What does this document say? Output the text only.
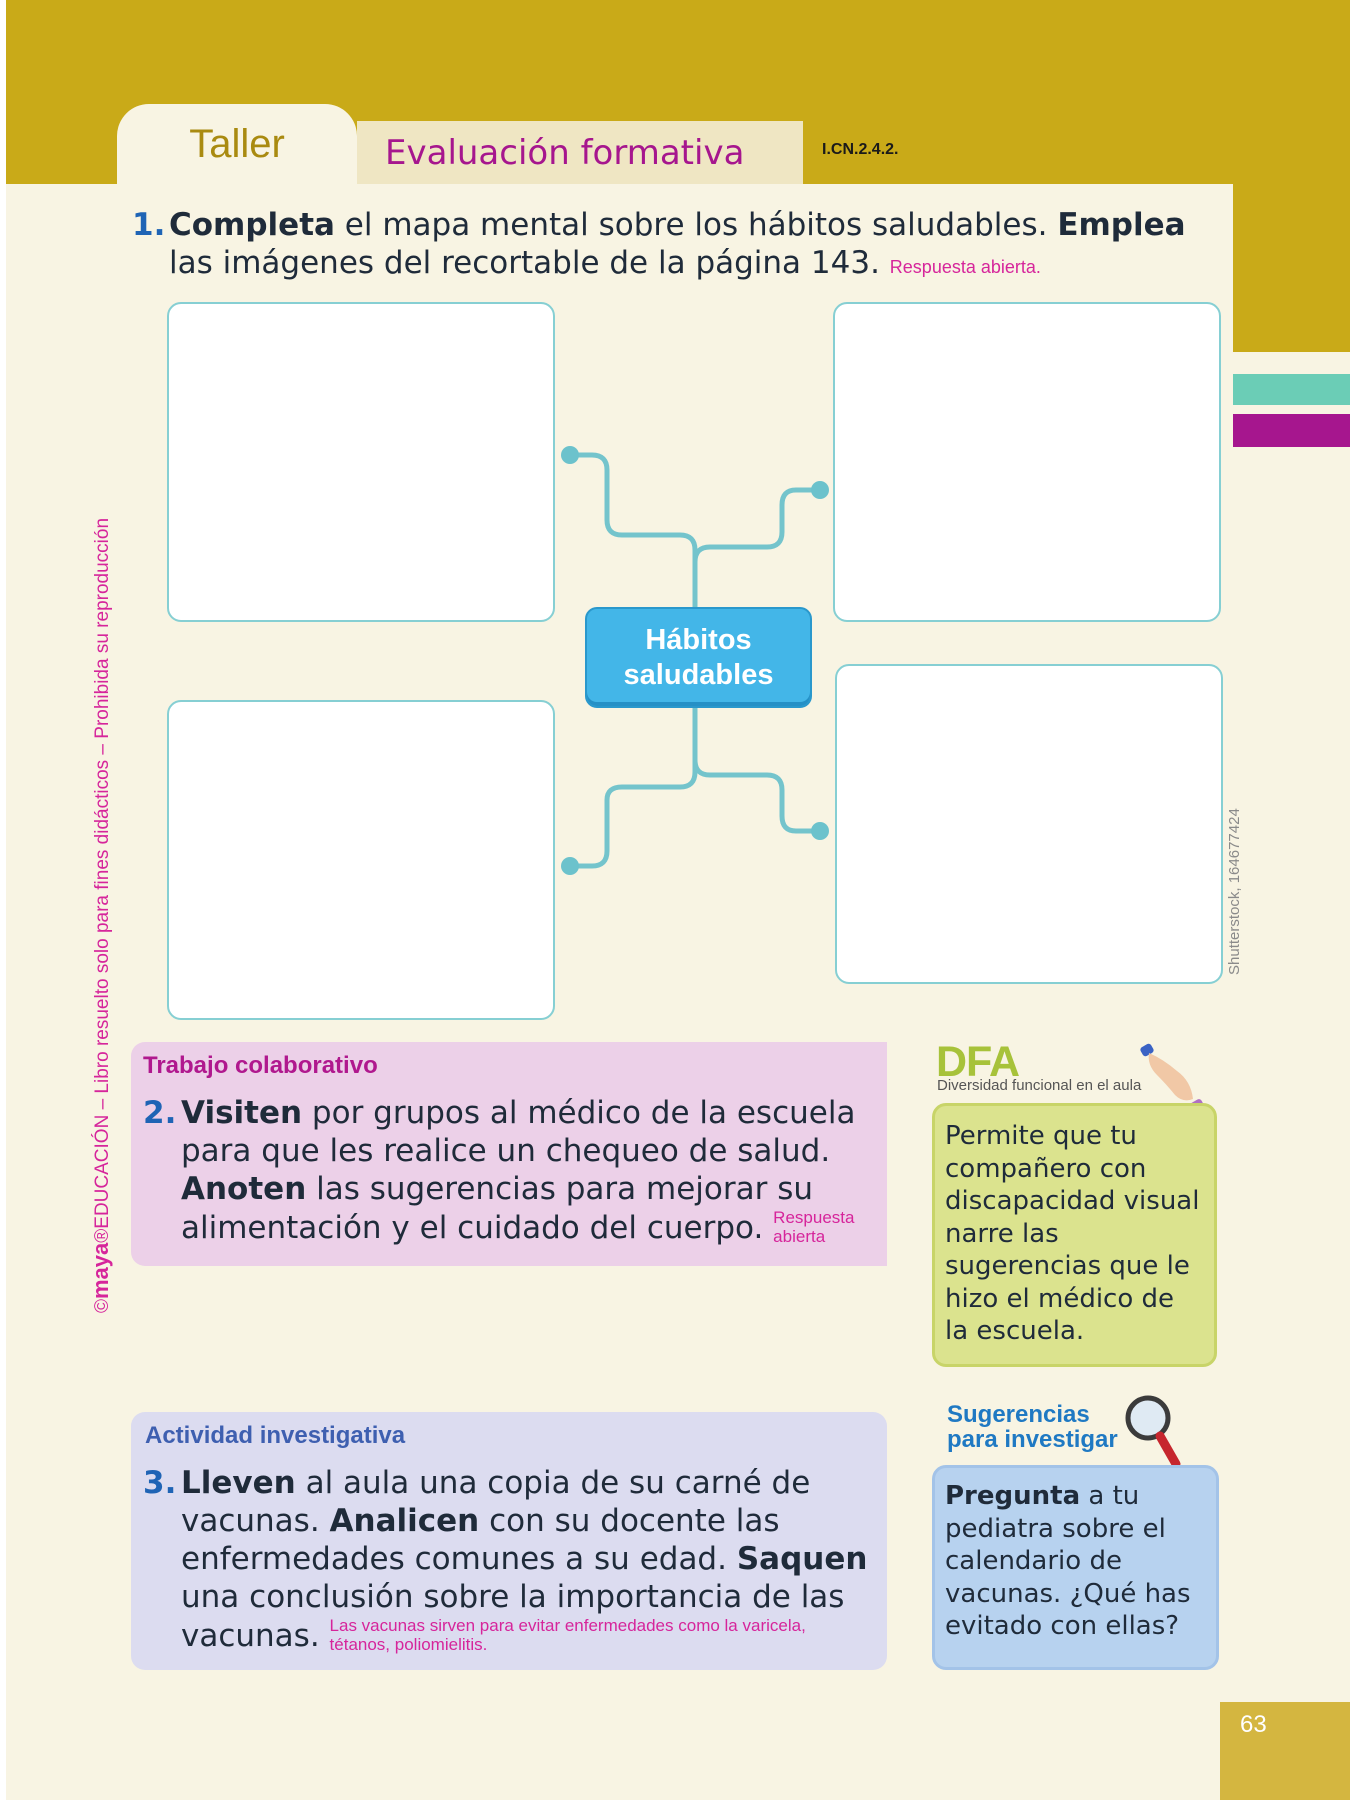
Taller	Evaluación formativa	I.CN.2.4.2.
1. Completa el mapa mental sobre los hábitos saludables. Emplea las imágenes del recortable de la página 143. Respuesta abierta.
Hábitos
saludables
Shutterstock, 164677424
©maya®EDUCACIÓN – Libro resuelto solo para fines didácticos – Prohibida su reproducción Trabajo colaborativo
2. Visiten por grupos al médico de la escuela para que les realice un chequeo de salud. Anoten las sugerencias para mejorar su alimentación y el cuidado del cuerpo. Respuesta
abierta
Actividad investigativa
3. Lleven al aula una copia de su carné de vacunas. Analicen con su docente las enfermedades comunes a su edad. Saquen una conclusión sobre la importancia de las vacunas. Las vacunas sirven para evitar enfermedades como la varicela,
tétanos, poliomielitis.
DFA
Diversidad funcional en el aula
Permite que tu compañero con discapacidad visual narre las sugerencias que le hizo el médico de la escuela.
Sugerencias
para investigar
Pregunta a tu pediatra sobre el calendario de vacunas. ¿Qué has evitado con ellas?
63
